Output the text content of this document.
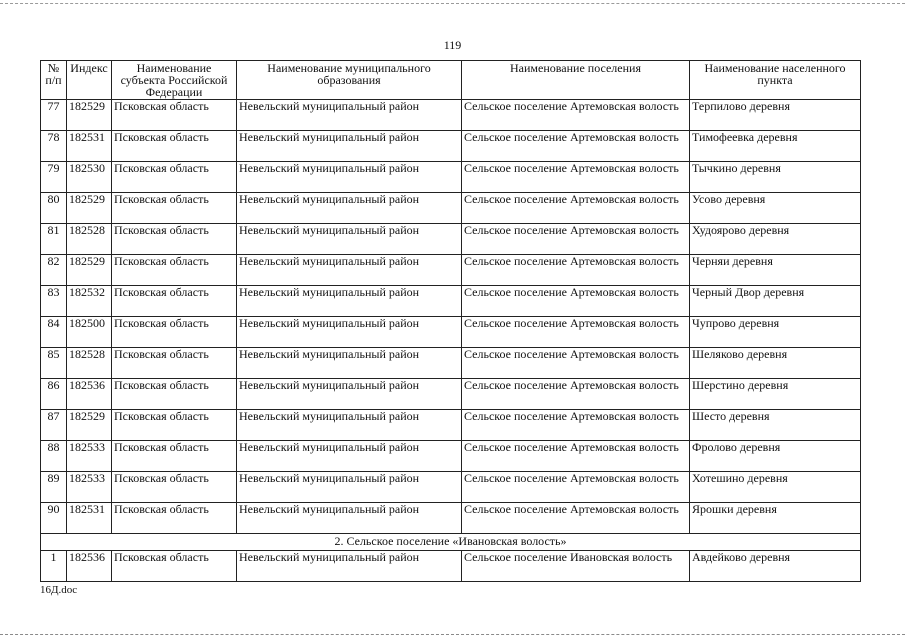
119
№ п/п	Индекс	Наименование субъекта Российской Федерации	Наименование муниципального образования	Наименование поселения	Наименование населенного пункта
77	182529	Псковская область	Невельский муниципальный район	Сельское поселение Артемовская волость	Терпилово деревня
78	182531	Псковская область	Невельский муниципальный район	Сельское поселение Артемовская волость	Тимофеевка деревня
79	182530	Псковская область	Невельский муниципальный район	Сельское поселение Артемовская волость	Тычкино деревня
80	182529	Псковская область	Невельский муниципальный район	Сельское поселение Артемовская волость	Усово деревня
81	182528	Псковская область	Невельский муниципальный район	Сельское поселение Артемовская волость	Худоярово деревня
82	182529	Псковская область	Невельский муниципальный район	Сельское поселение Артемовская волость	Черняи деревня
83	182532	Псковская область	Невельский муниципальный район	Сельское поселение Артемовская волость	Черный Двор деревня
84	182500	Псковская область	Невельский муниципальный район	Сельское поселение Артемовская волость	Чупрово деревня
85	182528	Псковская область	Невельский муниципальный район	Сельское поселение Артемовская волость	Шеляково деревня
86	182536	Псковская область	Невельский муниципальный район	Сельское поселение Артемовская волость	Шерстино деревня
87	182529	Псковская область	Невельский муниципальный район	Сельское поселение Артемовская волость	Шесто деревня
88	182533	Псковская область	Невельский муниципальный район	Сельское поселение Артемовская волость	Фролово деревня
89	182533	Псковская область	Невельский муниципальный район	Сельское поселение Артемовская волость	Хотешино деревня
90	182531	Псковская область	Невельский муниципальный район	Сельское поселение Артемовская волость	Ярошки деревня
2. Сельское поселение «Ивановская волость»					
1	182536	Псковская область	Невельский муниципальный район	Сельское поселение Ивановская волость	Авдейково деревня
16Д.doc
